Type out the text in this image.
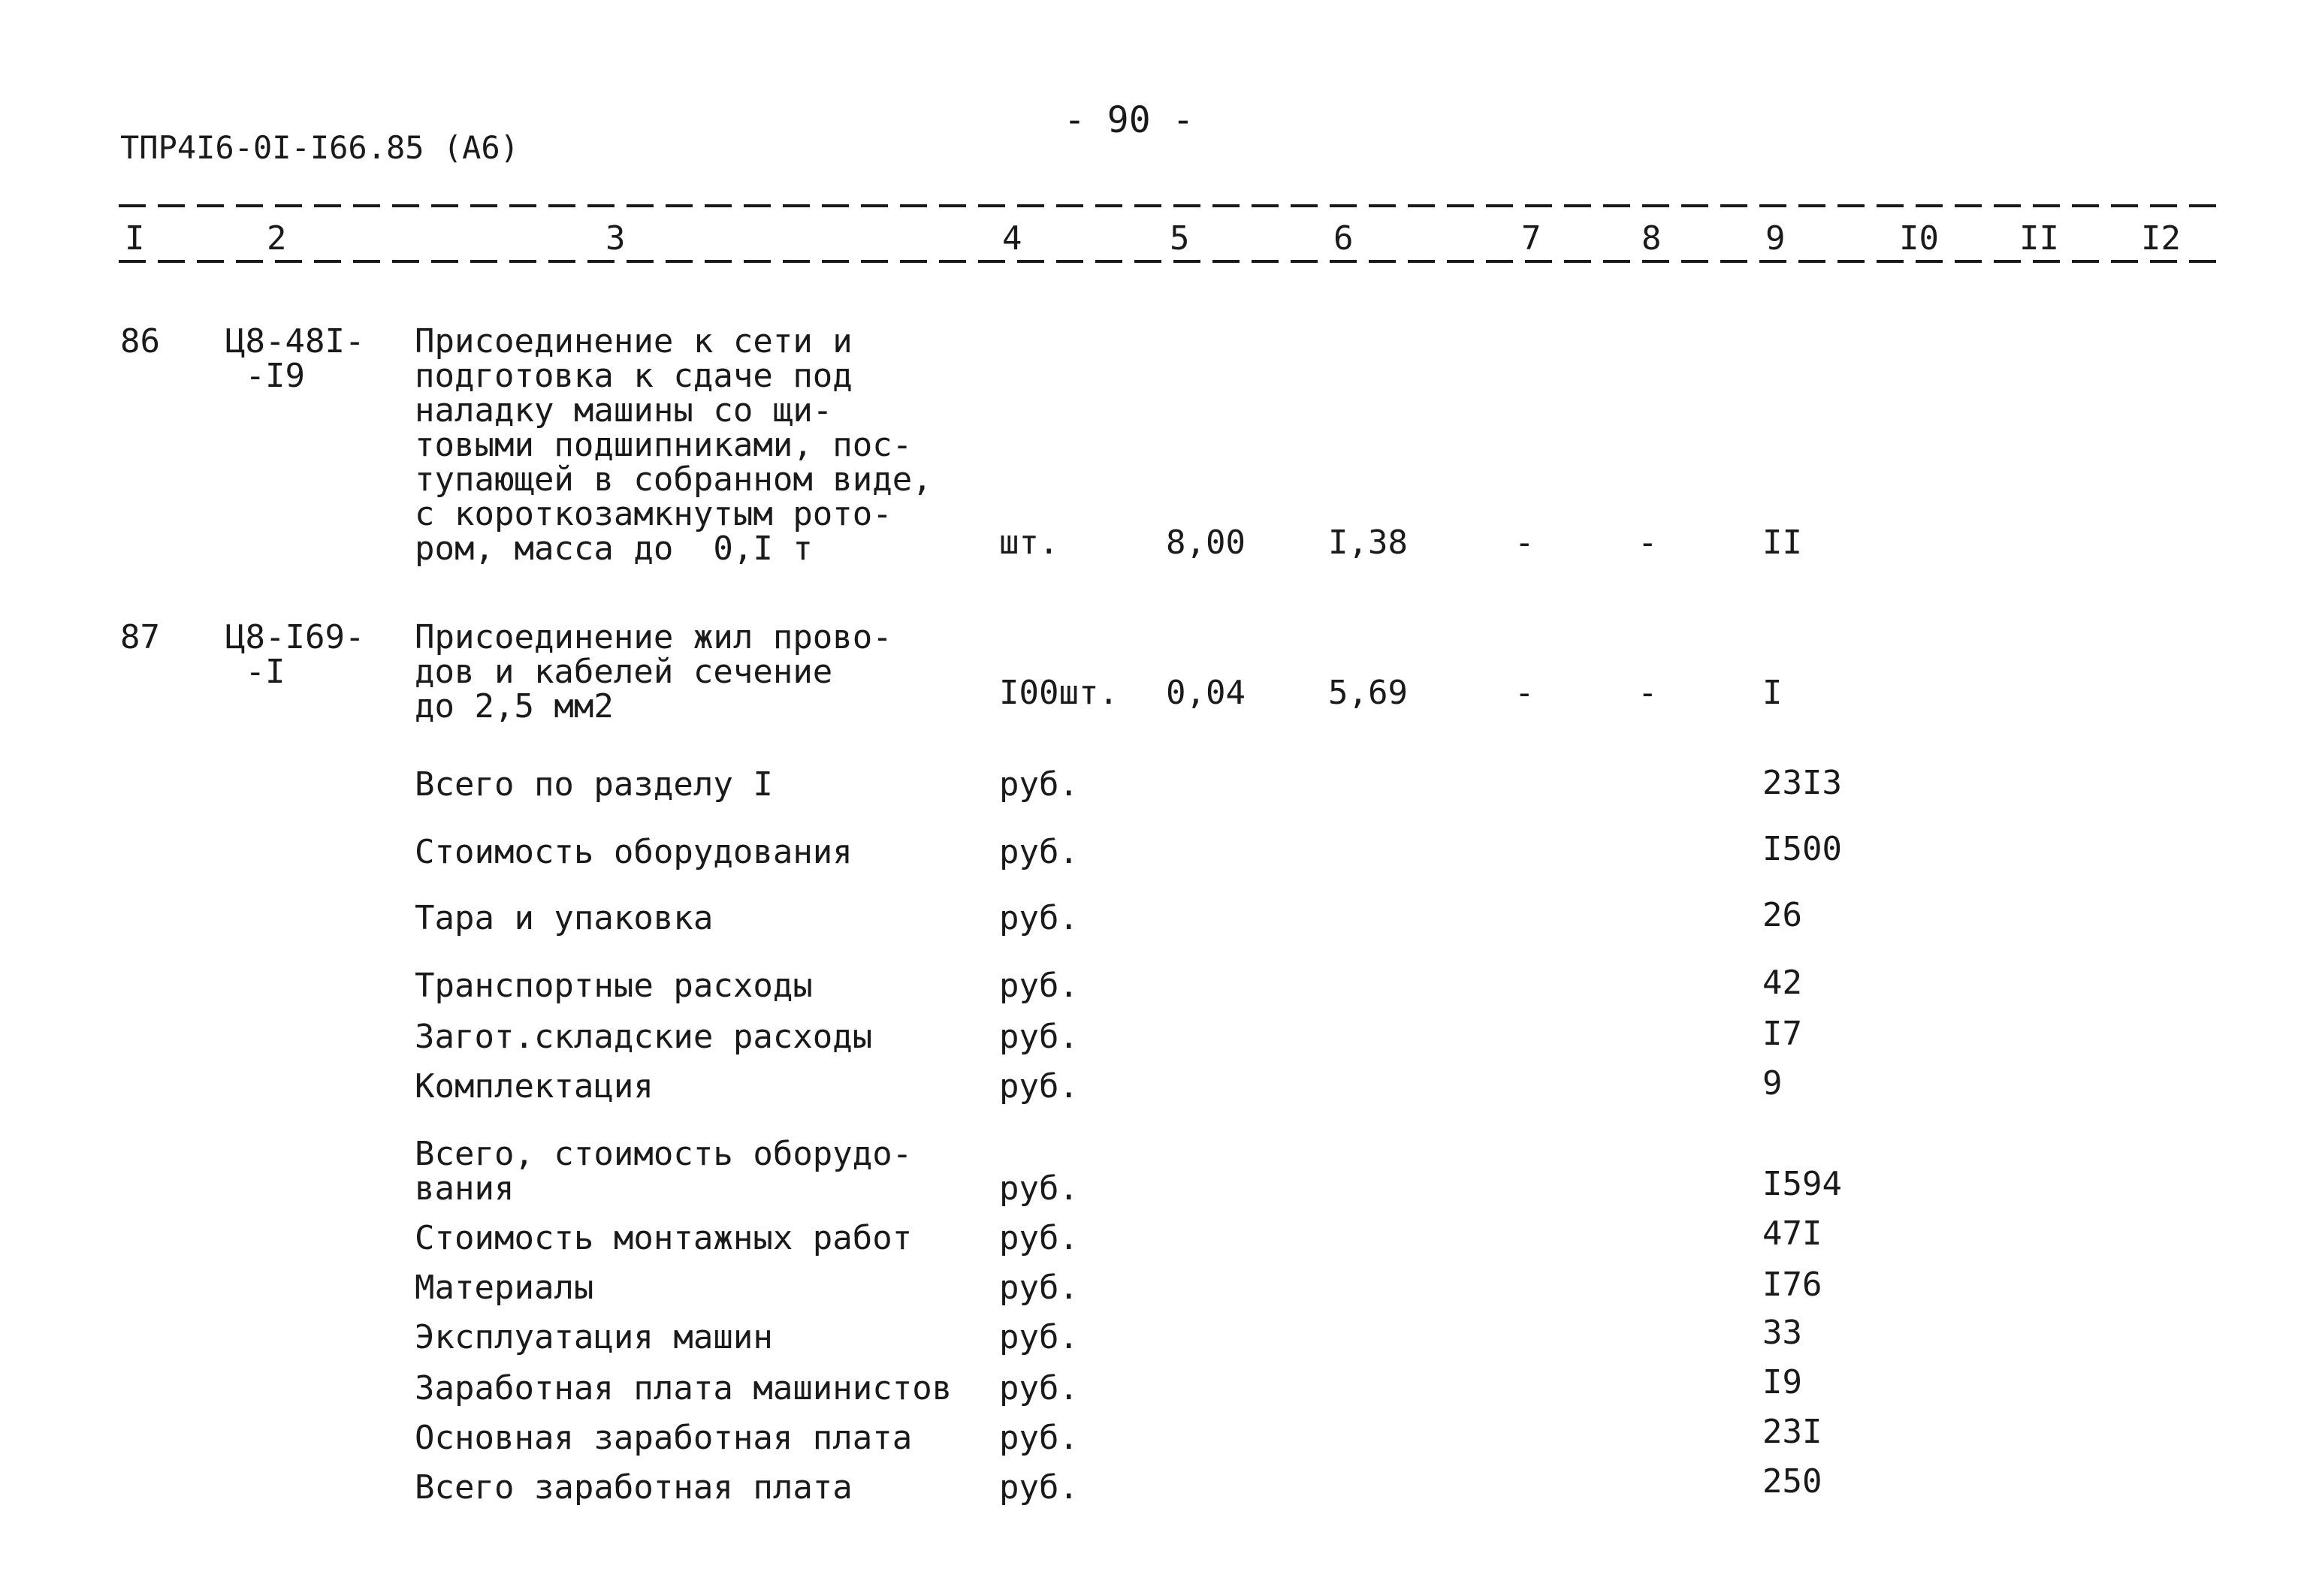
ТПР4I6-0I-I66.85 (А6)
- 90 -
I	2	3	4	5	6	7	8	9	I0 II I2
86 Ц8-48I-
-I9
Присоединение к сети и
подготовка к сдаче под
наладку машины со щи-
товыми подшипниками, пос-
тупающей в собранном виде,
с короткозамкнутым рото-
ром, масса до  0,I т	шт.	8,00	I,38	-	-	II
87 Ц8-I69-
-I
Присоединение жил прово-
дов и кабелей сечение
до 2,5 мм2	I00шт. 0,04	5,69	-	-	I
Всего по разделу I	руб.	23I3
Стоимость оборудования	руб.	I500
Тара и упаковка	руб.	26
Транспортные расходы	руб.	42
Загот.складские расходы	руб.	I7
Комплектация	руб.	9
Всего, стоимость оборудо-
вания	руб.	I594
Стоимость монтажных работ	руб.	47I
Материалы	руб.	I76
Эксплуатация машин	руб.	33
Заработная плата машинистов руб.	I9
Основная заработная плата	руб.	23I
Всего заработная плата	руб.	250
